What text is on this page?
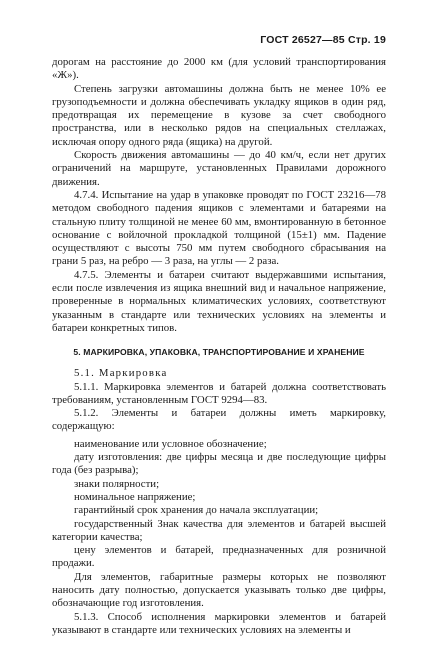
ГОСТ 26527—85 Стр. 19

дорогам на расстояние до 2000 км (для условий транспортирования «Ж»).

Степень загрузки автомашины должна быть не менее 10% ее грузоподъемности и должна обеспечивать укладку ящиков в один ряд, предотвращая их перемещение в кузове за счет свободного пространства, или в несколько рядов на специальных стеллажах, исключая опору одного ряда (ящика) на другой.

Скорость движения автомашины — до 40 км/ч, если нет других ограничений на маршруте, установленных Правилами дорожного движения.

4.7.4. Испытание на удар в упаковке проводят по ГОСТ 23216—78 методом свободного падения ящиков с элементами и батареями на стальную плиту толщиной не менее 60 мм, вмонтированную в бетонное основание с войлочной прокладкой толщиной (15±1) мм. Падение осуществляют с высоты 750 мм путем свободного сбрасывания на грани 5 раз, на ребро — 3 раза, на углы — 2 раза.

4.7.5. Элементы и батареи считают выдержавшими испытания, если после извлечения из ящика внешний вид и начальное напряжение, проверенные в нормальных климатических условиях, соответствуют указанным в стандарте или технических условиях на элементы и батареи конкретных типов.

5. МАРКИРОВКА, УПАКОВКА, ТРАНСПОРТИРОВАНИЕ И ХРАНЕНИЕ

5.1. Маркировка

5.1.1. Маркировка элементов и батарей должна соответствовать требованиям, установленным ГОСТ 9294—83.

5.1.2. Элементы и батареи должны иметь маркировку, содержащую:

наименование или условное обозначение;

дату изготовления: две цифры месяца и две последующие цифры года (без разрыва);

знаки полярности;

номинальное напряжение;

гарантийный срок хранения до начала эксплуатации;

государственный Знак качества для элементов и батарей высшей категории качества;

цену элементов и батарей, предназначенных для розничной продажи.

Для элементов, габаритные размеры которых не позволяют наносить дату полностью, допускается указывать только две цифры, обозначающие год изготовления.

5.1.3. Способ исполнения маркировки элементов и батарей указывают в стандарте или технических условиях на элементы и
